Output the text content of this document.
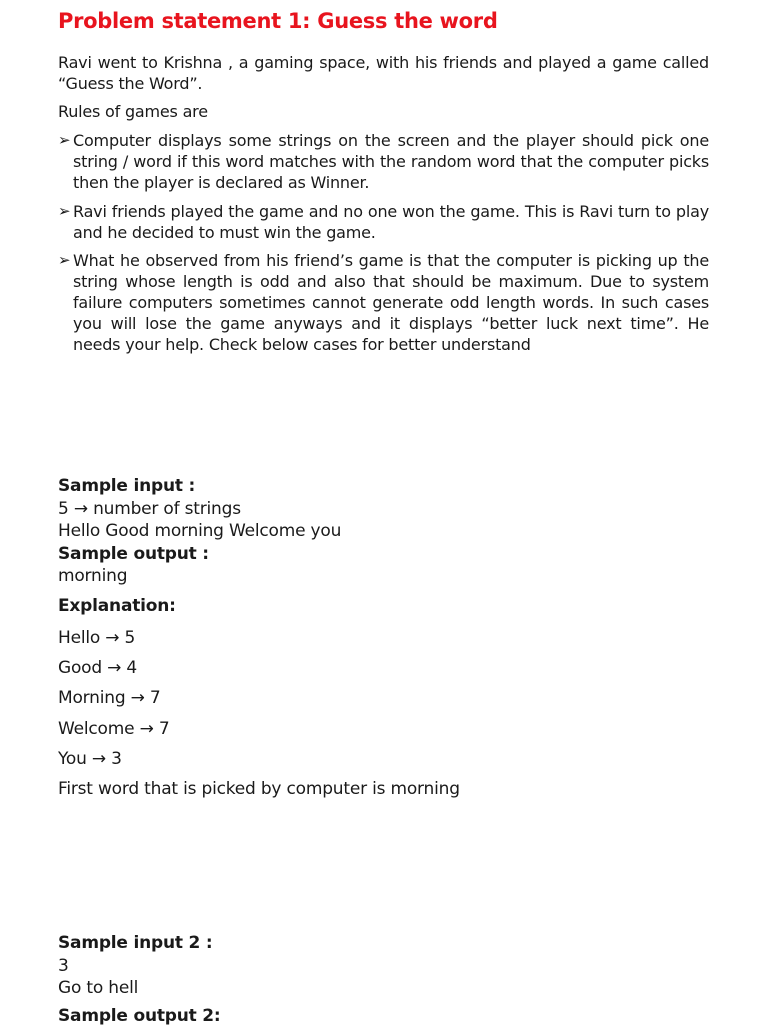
Problem statement 1: Guess the word

Ravi went to Krishna , a gaming space, with his friends and played a game called “Guess the Word”.

Rules of games are

➢ Computer displays some strings on the screen and the player should pick one string / word if this word matches with the random word that the computer picks then the player is declared as Winner.
➢ Ravi friends played the game and no one won the game. This is Ravi turn to play and he decided to must win the game.
➢ What he observed from his friend’s game is that the computer is picking up the string whose length is odd and also that should be maximum. Due to system failure computers sometimes cannot generate odd length words. In such cases you will lose the game anyways and it displays “better luck next time”. He needs your help. Check below cases for better understand

Sample input :

5 → number of strings

Hello Good morning Welcome you

Sample output :

morning

Explanation:

Hello → 5

Good → 4

Morning → 7

Welcome → 7

You → 3

First word that is picked by computer is morning

Sample input 2 :

3

Go to hell

Sample output 2:
